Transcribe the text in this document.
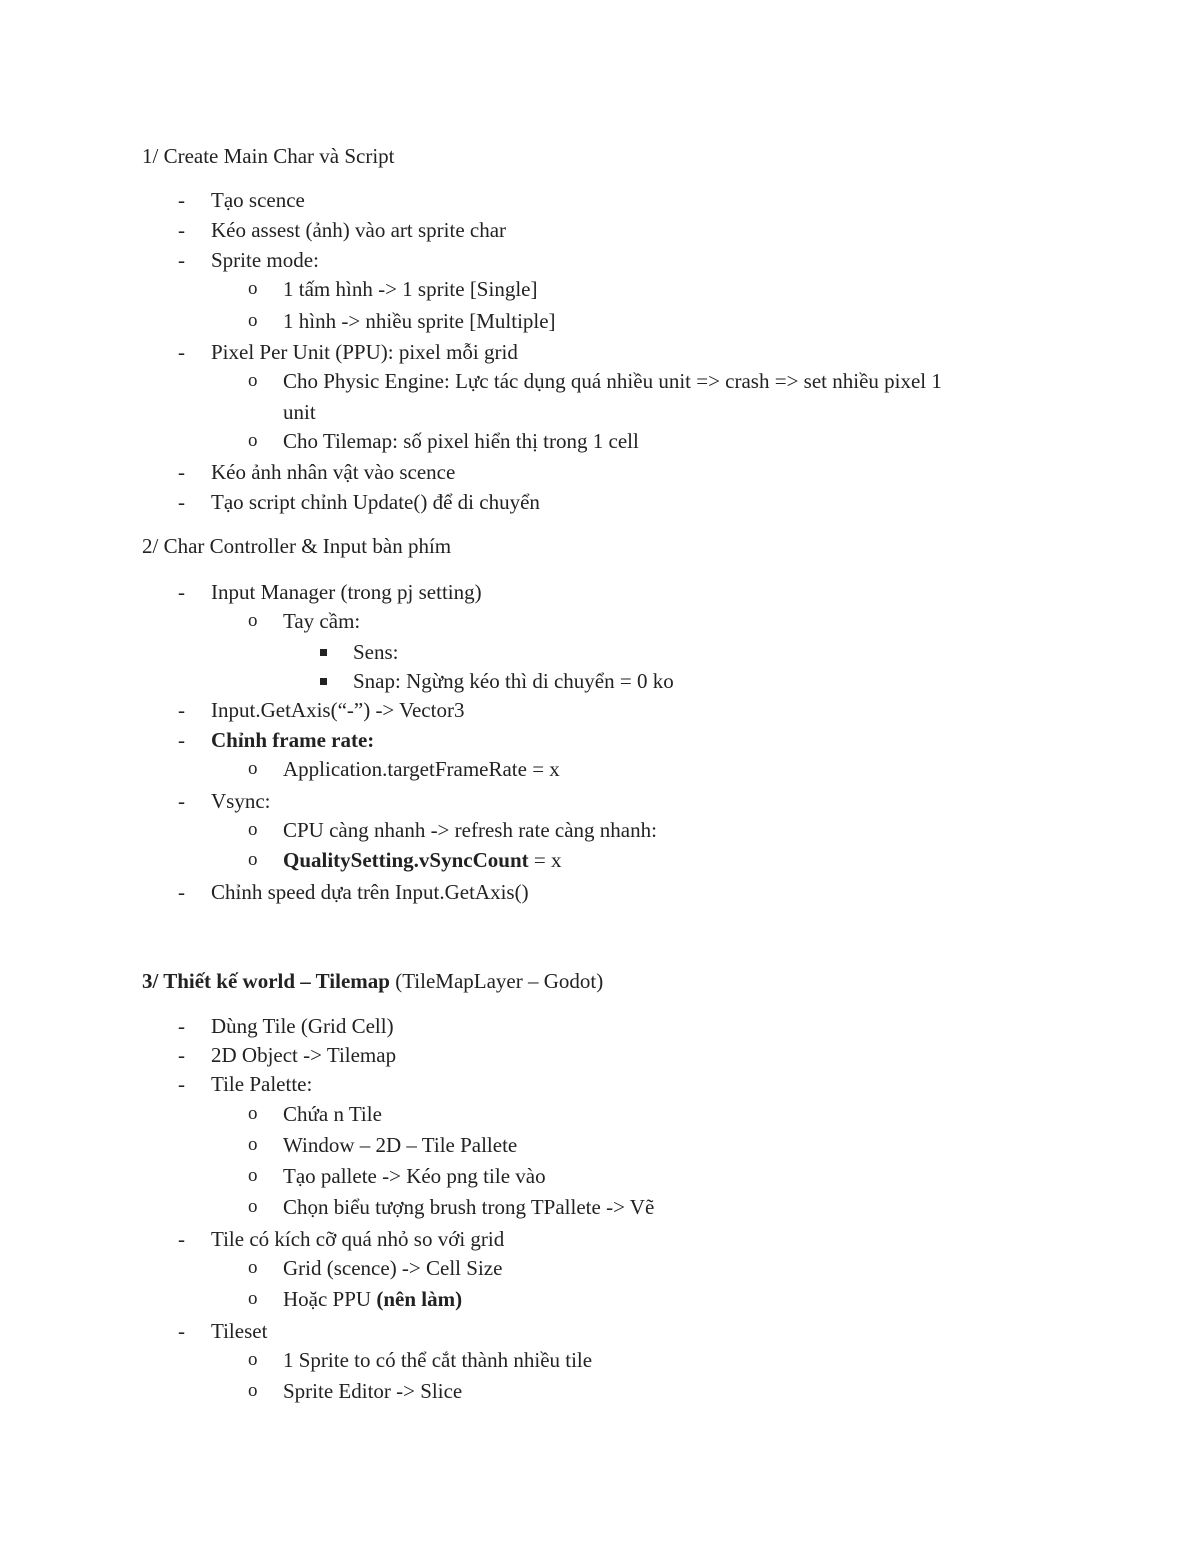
1/ Create Main Char và Script
- Tạo scence
- Kéo assest (ảnh) vào art sprite char
- Sprite mode:
o 1 tấm hình -> 1 sprite [Single]
o 1 hình -> nhiều sprite [Multiple]
- Pixel Per Unit (PPU): pixel mỗi grid
o Cho Physic Engine: Lực tác dụng quá nhiều unit => crash => set nhiều pixel 1
unit
o Cho Tilemap: số pixel hiển thị trong 1 cell
- Kéo ảnh nhân vật vào scence
- Tạo script chỉnh Update() để di chuyển
2/ Char Controller & Input bàn phím
- Input Manager (trong pj setting)
o Tay cầm:
Sens:
Snap: Ngừng kéo thì di chuyển = 0 ko
- Input.GetAxis(“-”) -> Vector3
- Chỉnh frame rate:
o Application.targetFrameRate = x
- Vsync:
o CPU càng nhanh -> refresh rate càng nhanh:
o QualitySetting.vSyncCount = x
- Chỉnh speed dựa trên Input.GetAxis()
3/ Thiết kế world – Tilemap (TileMapLayer – Godot)
- Dùng Tile (Grid Cell)
- 2D Object -> Tilemap
- Tile Palette:
o Chứa n Tile
o Window – 2D – Tile Pallete
o Tạo pallete -> Kéo png tile vào
o Chọn biểu tượng brush trong TPallete -> Vẽ
- Tile có kích cỡ quá nhỏ so với grid
o Grid (scence) -> Cell Size
o Hoặc PPU (nên làm)
- Tileset
o 1 Sprite to có thể cắt thành nhiều tile
o Sprite Editor -> Slice
